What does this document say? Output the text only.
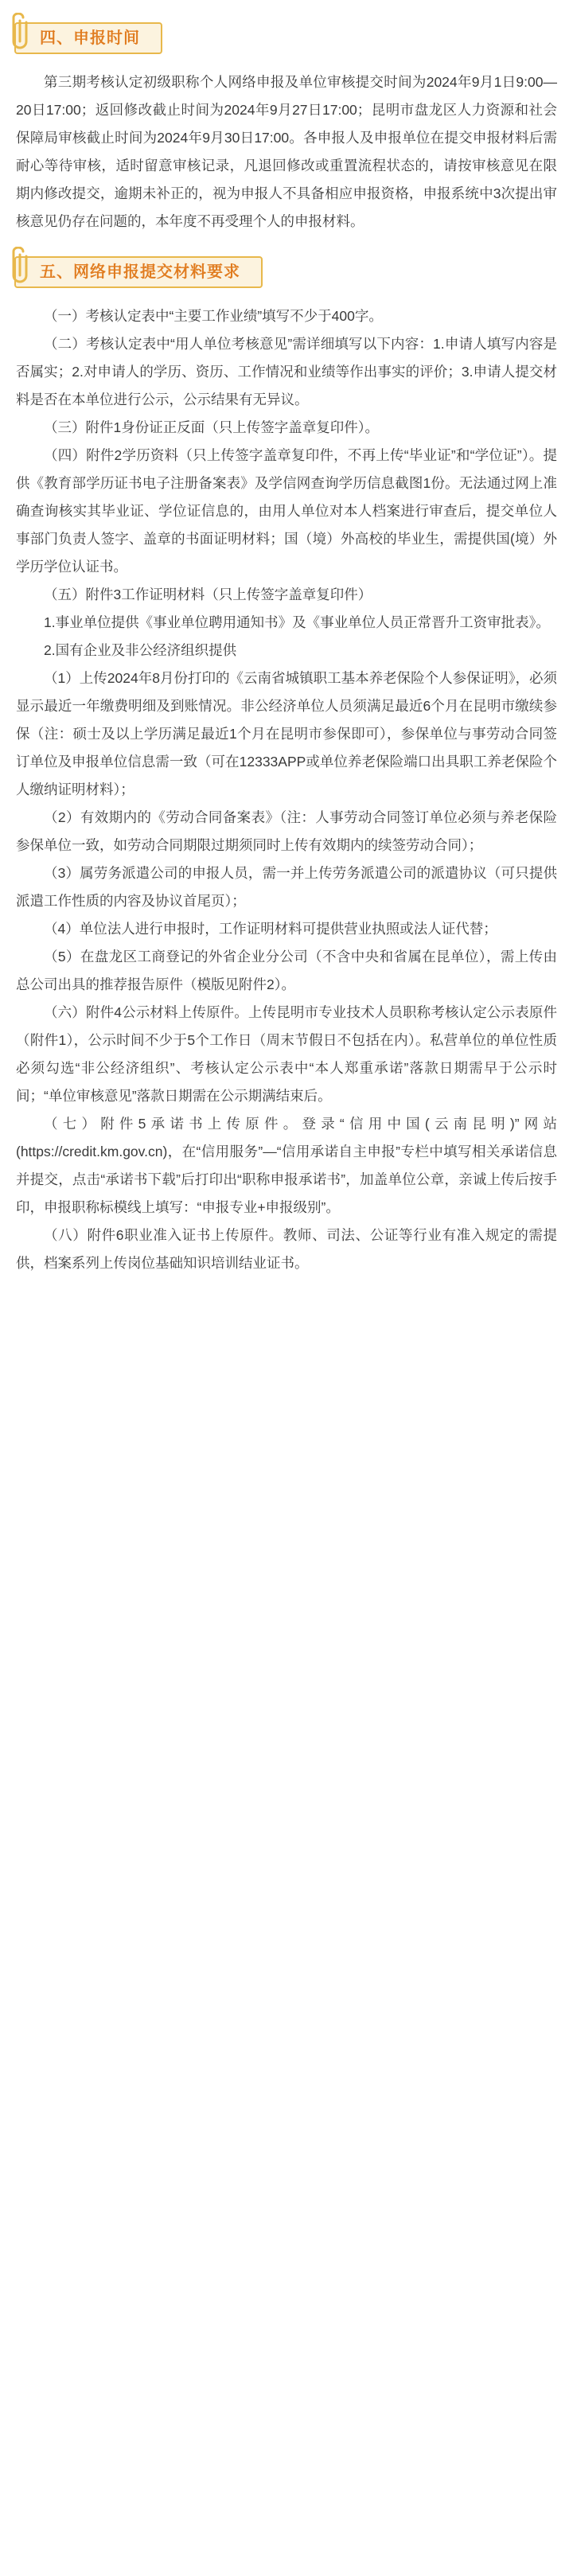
四、申报时间

第三期考核认定初级职称个人网络申报及单位审核提交时间为2024年9月1日9:00—20日17:00；返回修改截止时间为2024年9月27日17:00；昆明市盘龙区人力资源和社会保障局审核截止时间为2024年9月30日17:00。各申报人及申报单位在提交申报材料后需耐心等待审核，适时留意审核记录，凡退回修改或重置流程状态的，请按审核意见在限期内修改提交，逾期未补正的，视为申报人不具备相应申报资格，申报系统中3次提出审核意见仍存在问题的，本年度不再受理个人的申报材料。

五、网络申报提交材料要求

（一）考核认定表中“主要工作业绩”填写不少于400字。

（二）考核认定表中“用人单位考核意见”需详细填写以下内容：1.申请人填写内容是否属实；2.对申请人的学历、资历、工作情况和业绩等作出事实的评价；3.申请人提交材料是否在本单位进行公示，公示结果有无异议。

（三）附件1身份证正反面（只上传签字盖章复印件）。

（四）附件2学历资料（只上传签字盖章复印件，不再上传“毕业证”和“学位证”）。提供《教育部学历证书电子注册备案表》及学信网查询学历信息截图1份。无法通过网上准确查询核实其毕业证、学位证信息的，由用人单位对本人档案进行审查后，提交单位人事部门负责人签字、盖章的书面证明材料；国（境）外高校的毕业生，需提供国(境）外学历学位认证书。

（五）附件3工作证明材料（只上传签字盖章复印件）

1.事业单位提供《事业单位聘用通知书》及《事业单位人员正常晋升工资审批表》。

2.国有企业及非公经济组织提供

（1）上传2024年8月份打印的《云南省城镇职工基本养老保险个人参保证明》，必须显示最近一年缴费明细及到账情况。非公经济单位人员须满足最近6个月在昆明市缴续参保（注：硕士及以上学历满足最近1个月在昆明市参保即可），参保单位与事劳动合同签订单位及申报单位信息需一致（可在12333APP或单位养老保险端口出具职工养老保险个人缴纳证明材料）；

（2）有效期内的《劳动合同备案表》（注：人事劳动合同签订单位必须与养老保险参保单位一致，如劳动合同期限过期须同时上传有效期内的续签劳动合同）；

（3）属劳务派遣公司的申报人员，需一并上传劳务派遣公司的派遣协议（可只提供派遣工作性质的内容及协议首尾页）；

（4）单位法人进行申报时，工作证明材料可提供营业执照或法人证代替；

（5）在盘龙区工商登记的外省企业分公司（不含中央和省属在昆单位），需上传由总公司出具的推荐报告原件（模版见附件2）。

（六）附件4公示材料上传原件。上传昆明市专业技术人员职称考核认定公示表原件（附件1），公示时间不少于5个工作日（周末节假日不包括在内）。私营单位的单位性质必须勾选“非公经济组织”、考核认定公示表中“本人郑重承诺”落款日期需早于公示时间；“单位审核意见”落款日期需在公示期满结束后。

（七）附件5承诺书上传原件。登录“信用中国(云南昆明)”网站(https://credit.km.gov.cn)，在“信用服务”—“信用承诺自主申报”专栏中填写相关承诺信息并提交，点击“承诺书下载”后打印出“职称申报承诺书”，加盖单位公章，亲诚上传后按手印，申报职称标模线上填写：“申报专业+申报级别”。

（八）附件6职业准入证书上传原件。教师、司法、公证等行业有准入规定的需提供，档案系列上传岗位基础知识培训结业证书。
